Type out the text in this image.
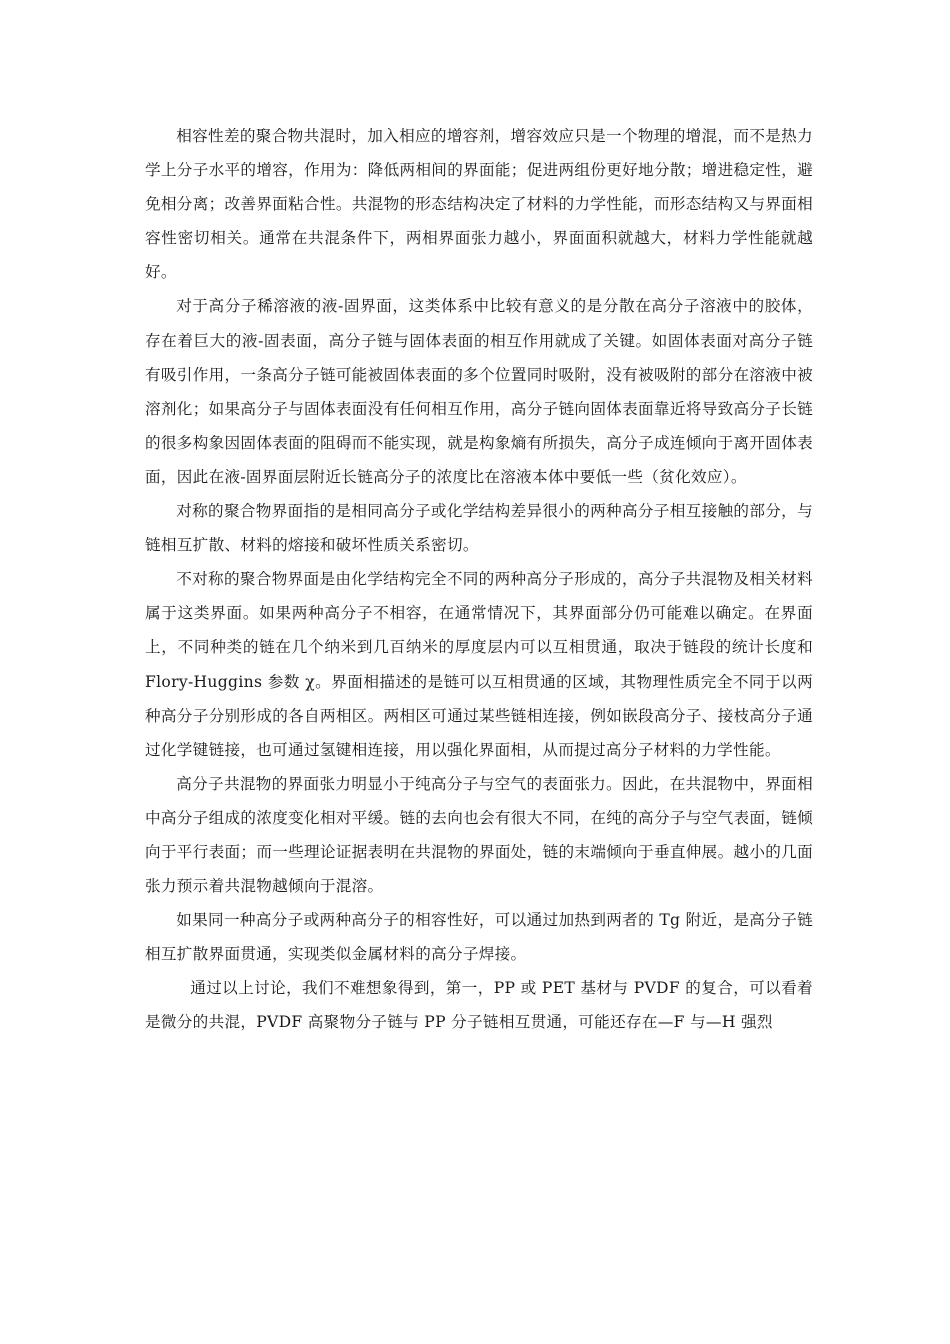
相容性差的聚合物共混时，加入相应的增容剂，增容效应只是一个物理的增混，而不是热力学上分子水平的增容，作用为：降低两相间的界面能；促进两组份更好地分散；增进稳定性，避免相分离；改善界面粘合性。共混物的形态结构决定了材料的力学性能，而形态结构又与界面相容性密切相关。通常在共混条件下，两相界面张力越小，界面面积就越大，材料力学性能就越好。

对于高分子稀溶液的液-固界面，这类体系中比较有意义的是分散在高分子溶液中的胶体，存在着巨大的液-固表面，高分子链与固体表面的相互作用就成了关键。如固体表面对高分子链有吸引作用，一条高分子链可能被固体表面的多个位置同时吸附，没有被吸附的部分在溶液中被溶剂化；如果高分子与固体表面没有任何相互作用，高分子链向固体表面靠近将导致高分子长链的很多构象因固体表面的阻碍而不能实现，就是构象熵有所损失，高分子成连倾向于离开固体表面，因此在液-固界面层附近长链高分子的浓度比在溶液本体中要低一些（贫化效应）。

对称的聚合物界面指的是相同高分子或化学结构差异很小的两种高分子相互接触的部分，与链相互扩散、材料的熔接和破坏性质关系密切。

不对称的聚合物界面是由化学结构完全不同的两种高分子形成的，高分子共混物及相关材料属于这类界面。如果两种高分子不相容，在通常情况下，其界面部分仍可能难以确定。在界面上，不同种类的链在几个纳米到几百纳米的厚度层内可以互相贯通，取决于链段的统计长度和 Flory-Huggins 参数 χ。界面相描述的是链可以互相贯通的区域，其物理性质完全不同于以两种高分子分别形成的各自两相区。两相区可通过某些链相连接，例如嵌段高分子、接枝高分子通过化学键链接，也可通过氢键相连接，用以强化界面相，从而提过高分子材料的力学性能。

高分子共混物的界面张力明显小于纯高分子与空气的表面张力。因此，在共混物中，界面相中高分子组成的浓度变化相对平缓。链的去向也会有很大不同，在纯的高分子与空气表面，链倾向于平行表面；而一些理论证据表明在共混物的界面处，链的末端倾向于垂直伸展。越小的几面张力预示着共混物越倾向于混溶。

如果同一种高分子或两种高分子的相容性好，可以通过加热到两者的 Tg 附近，是高分子链相互扩散界面贯通，实现类似金属材料的高分子焊接。

通过以上讨论，我们不难想象得到，第一，PP 或 PET 基材与 PVDF 的复合，可以看着是微分的共混，PVDF 高聚物分子链与 PP 分子链相互贯通，可能还存在—F 与—H 强烈
